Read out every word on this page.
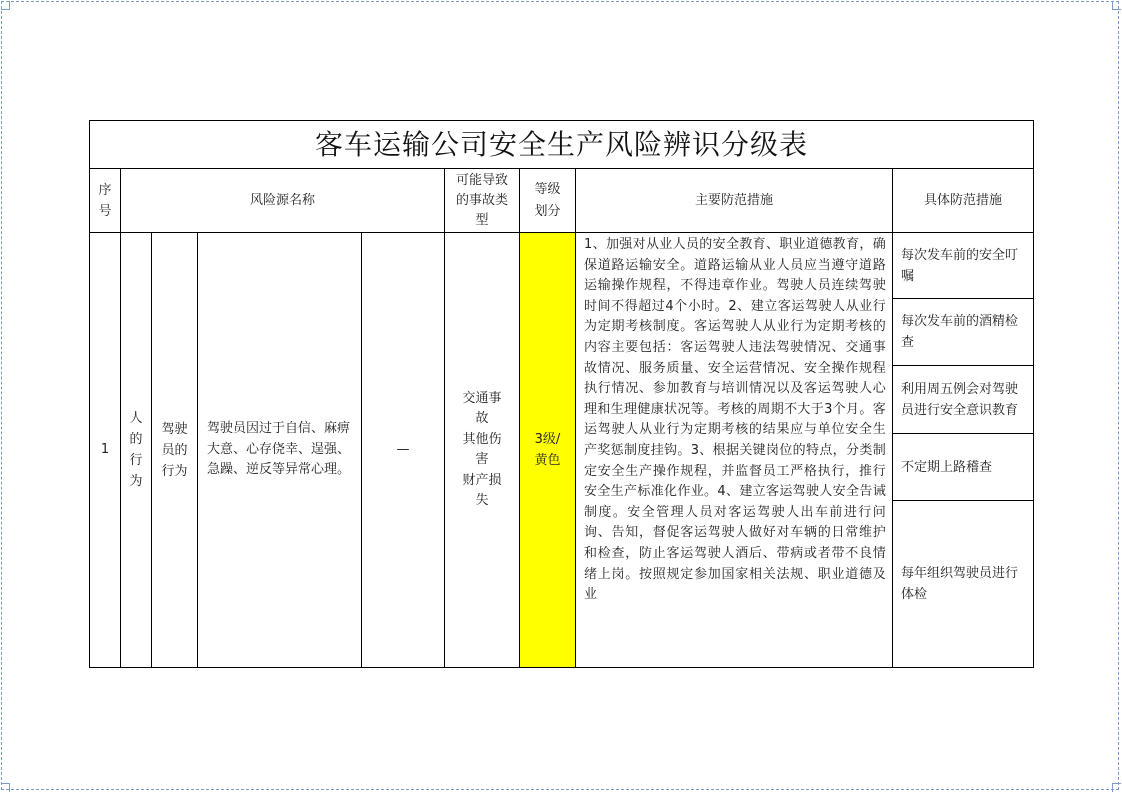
客车运输公司安全生产风险辨识分级表
序号
风险源名称
可能导致的事故类型
等级划分
主要防范措施	具体防范措施
1
人的行为
驾驶员的行为
驾驶员因过于自信、麻痹大意、心存侥幸、逞强、急躁、逆反等异常心理。
—
交通事故
其他伤害
财产损失
3级/
黄色
1、加强对从业人员的安全教育、职业道德教育，确保道路运输安全。道路运输从业人员应当遵守道路运输操作规程，不得违章作业。驾驶人员连续驾驶时间不得超过4个小时。2、建立客运驾驶人从业行为定期考核制度。客运驾驶人从业行为定期考核的内容主要包括：客运驾驶人违法驾驶情况、交通事故情况、服务质量、安全运营情况、安全操作规程执行情况、参加教育与培训情况以及客运驾驶人心理和生理健康状况等。考核的周期不大于3个月。客运驾驶人从业行为定期考核的结果应与单位安全生产奖惩制度挂钩。3、根据关键岗位的特点，分类制定安全生产操作规程，并监督员工严格执行，推行安全生产标准化作业。4、建立客运驾驶人安全告诫制度。安全管理人员对客运驾驶人出车前进行问询、告知，督促客运驾驶人做好对车辆的日常维护和检查，防止客运驾驶人酒后、带病或者带不良情绪上岗。按照规定参加国家相关法规、职业道德及业
每次发车前的安全叮嘱
每次发车前的酒精检查
利用周五例会对驾驶员进行安全意识教育
不定期上路稽查
每年组织驾驶员进行体检
